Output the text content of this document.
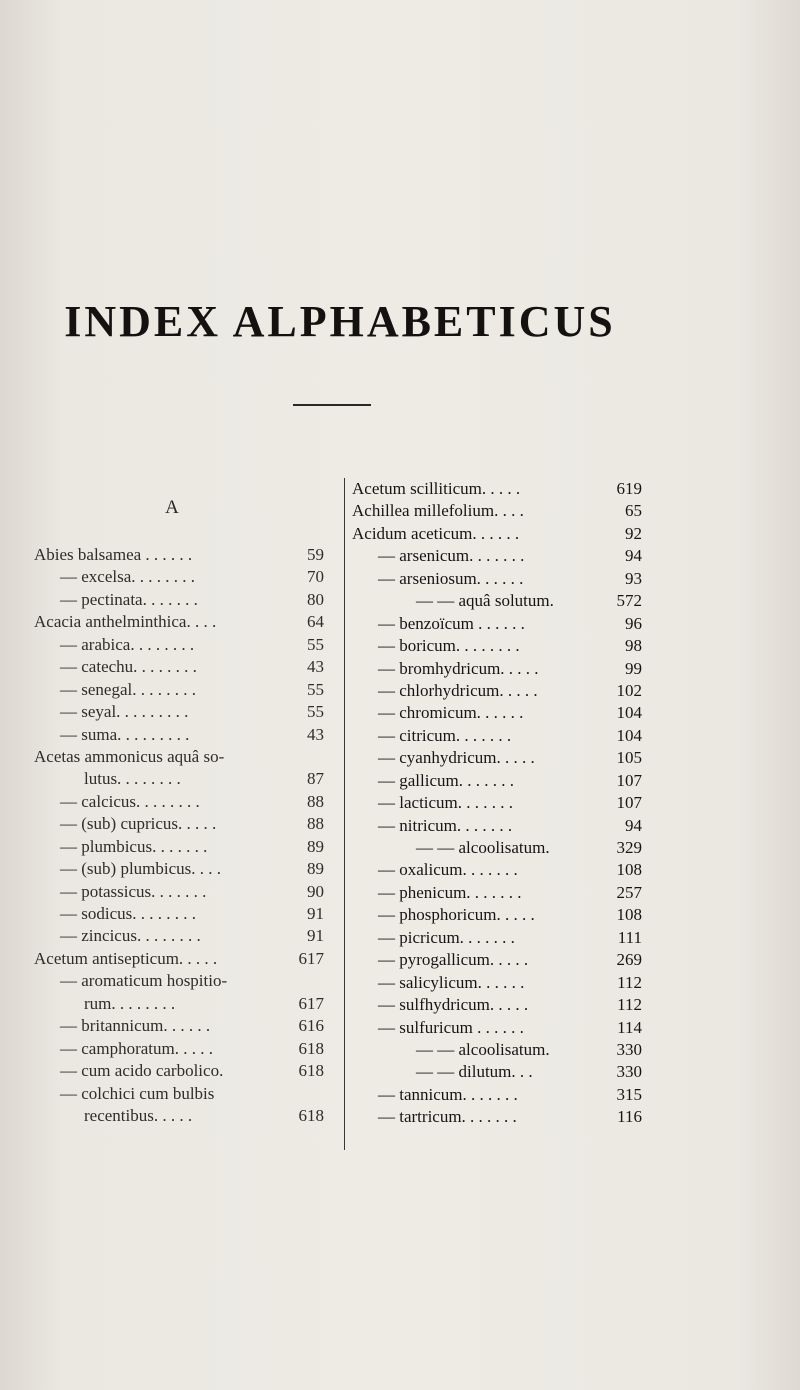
INDEX ALPHABETICUS
A
Abies balsamea . . . . . .	59
— excelsa. . . . . . . .	70
— pectinata. . . . . . .	80
Acacia anthelminthica. . . .	64
— arabica. . . . . . . .	55
— catechu. . . . . . . .	43
— senegal. . . . . . . .	55
— seyal. . . . . . . . .	55
— suma. . . . . . . . .	43
Acetas ammonicus aquâ so-
lutus. . . . . . . .	87
— calcicus. . . . . . . .	88
— (sub) cupricus. . . . .	88
— plumbicus. . . . . . .	89
— (sub) plumbicus. . . .	89
— potassicus. . . . . . .	90
— sodicus. . . . . . . .	91
— zincicus. . . . . . . .	91
Acetum antisepticum. . . . .	617
— aromaticum hospitio-
rum. . . . . . . .	617
— britannicum. . . . . .	616
— camphoratum. . . . .	618
— cum acido carbolico.	618
— colchici cum bulbis
recentibus. . . . .	618
Acetum scilliticum. . . . .	619
Achillea millefolium. . . .	65
Acidum aceticum. . . . . .	92
— arsenicum. . . . . . .	94
— arseniosum. . . . . .	93
— — aquâ solutum.	572
— benzoïcum . . . . . .	96
— boricum. . . . . . . .	98
— bromhydricum. . . . .	99
— chlorhydricum. . . . .	102
— chromicum. . . . . .	104
— citricum. . . . . . .	104
— cyanhydricum. . . . .	105
— gallicum. . . . . . .	107
— lacticum. . . . . . .	107
— nitricum. . . . . . .	94
— — alcoolisatum.	329
— oxalicum. . . . . . .	108
— phenicum. . . . . . .	257
— phosphoricum. . . . .	108
— picricum. . . . . . .	111
— pyrogallicum. . . . .	269
— salicylicum. . . . . .	112
— sulfhydricum. . . . .	112
— sulfuricum . . . . . .	114
— — alcoolisatum.	330
— — dilutum. . .	330
— tannicum. . . . . . .	315
— tartricum. . . . . . .	116
